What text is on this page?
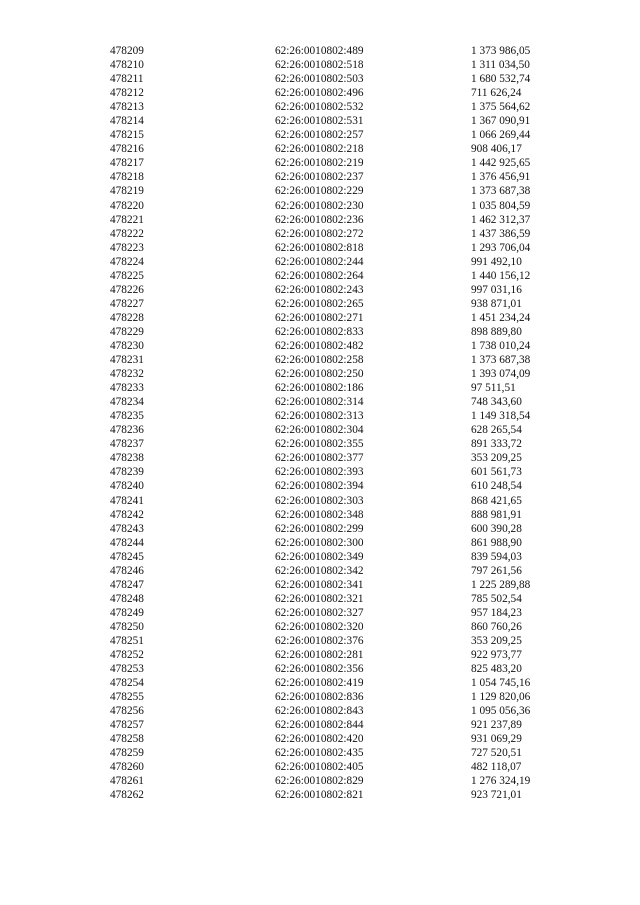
478209	62:26:0010802:489	1 373 986,05
478210	62:26:0010802:518	1 311 034,50
478211	62:26:0010802:503	1 680 532,74
478212	62:26:0010802:496	711 626,24
478213	62:26:0010802:532	1 375 564,62
478214	62:26:0010802:531	1 367 090,91
478215	62:26:0010802:257	1 066 269,44
478216	62:26:0010802:218	908 406,17
478217	62:26:0010802:219	1 442 925,65
478218	62:26:0010802:237	1 376 456,91
478219	62:26:0010802:229	1 373 687,38
478220	62:26:0010802:230	1 035 804,59
478221	62:26:0010802:236	1 462 312,37
478222	62:26:0010802:272	1 437 386,59
478223	62:26:0010802:818	1 293 706,04
478224	62:26:0010802:244	991 492,10
478225	62:26:0010802:264	1 440 156,12
478226	62:26:0010802:243	997 031,16
478227	62:26:0010802:265	938 871,01
478228	62:26:0010802:271	1 451 234,24
478229	62:26:0010802:833	898 889,80
478230	62:26:0010802:482	1 738 010,24
478231	62:26:0010802:258	1 373 687,38
478232	62:26:0010802:250	1 393 074,09
478233	62:26:0010802:186	97 511,51
478234	62:26:0010802:314	748 343,60
478235	62:26:0010802:313	1 149 318,54
478236	62:26:0010802:304	628 265,54
478237	62:26:0010802:355	891 333,72
478238	62:26:0010802:377	353 209,25
478239	62:26:0010802:393	601 561,73
478240	62:26:0010802:394	610 248,54
478241	62:26:0010802:303	868 421,65
478242	62:26:0010802:348	888 981,91
478243	62:26:0010802:299	600 390,28
478244	62:26:0010802:300	861 988,90
478245	62:26:0010802:349	839 594,03
478246	62:26:0010802:342	797 261,56
478247	62:26:0010802:341	1 225 289,88
478248	62:26:0010802:321	785 502,54
478249	62:26:0010802:327	957 184,23
478250	62:26:0010802:320	860 760,26
478251	62:26:0010802:376	353 209,25
478252	62:26:0010802:281	922 973,77
478253	62:26:0010802:356	825 483,20
478254	62:26:0010802:419	1 054 745,16
478255	62:26:0010802:836	1 129 820,06
478256	62:26:0010802:843	1 095 056,36
478257	62:26:0010802:844	921 237,89
478258	62:26:0010802:420	931 069,29
478259	62:26:0010802:435	727 520,51
478260	62:26:0010802:405	482 118,07
478261	62:26:0010802:829	1 276 324,19
478262	62:26:0010802:821	923 721,01
